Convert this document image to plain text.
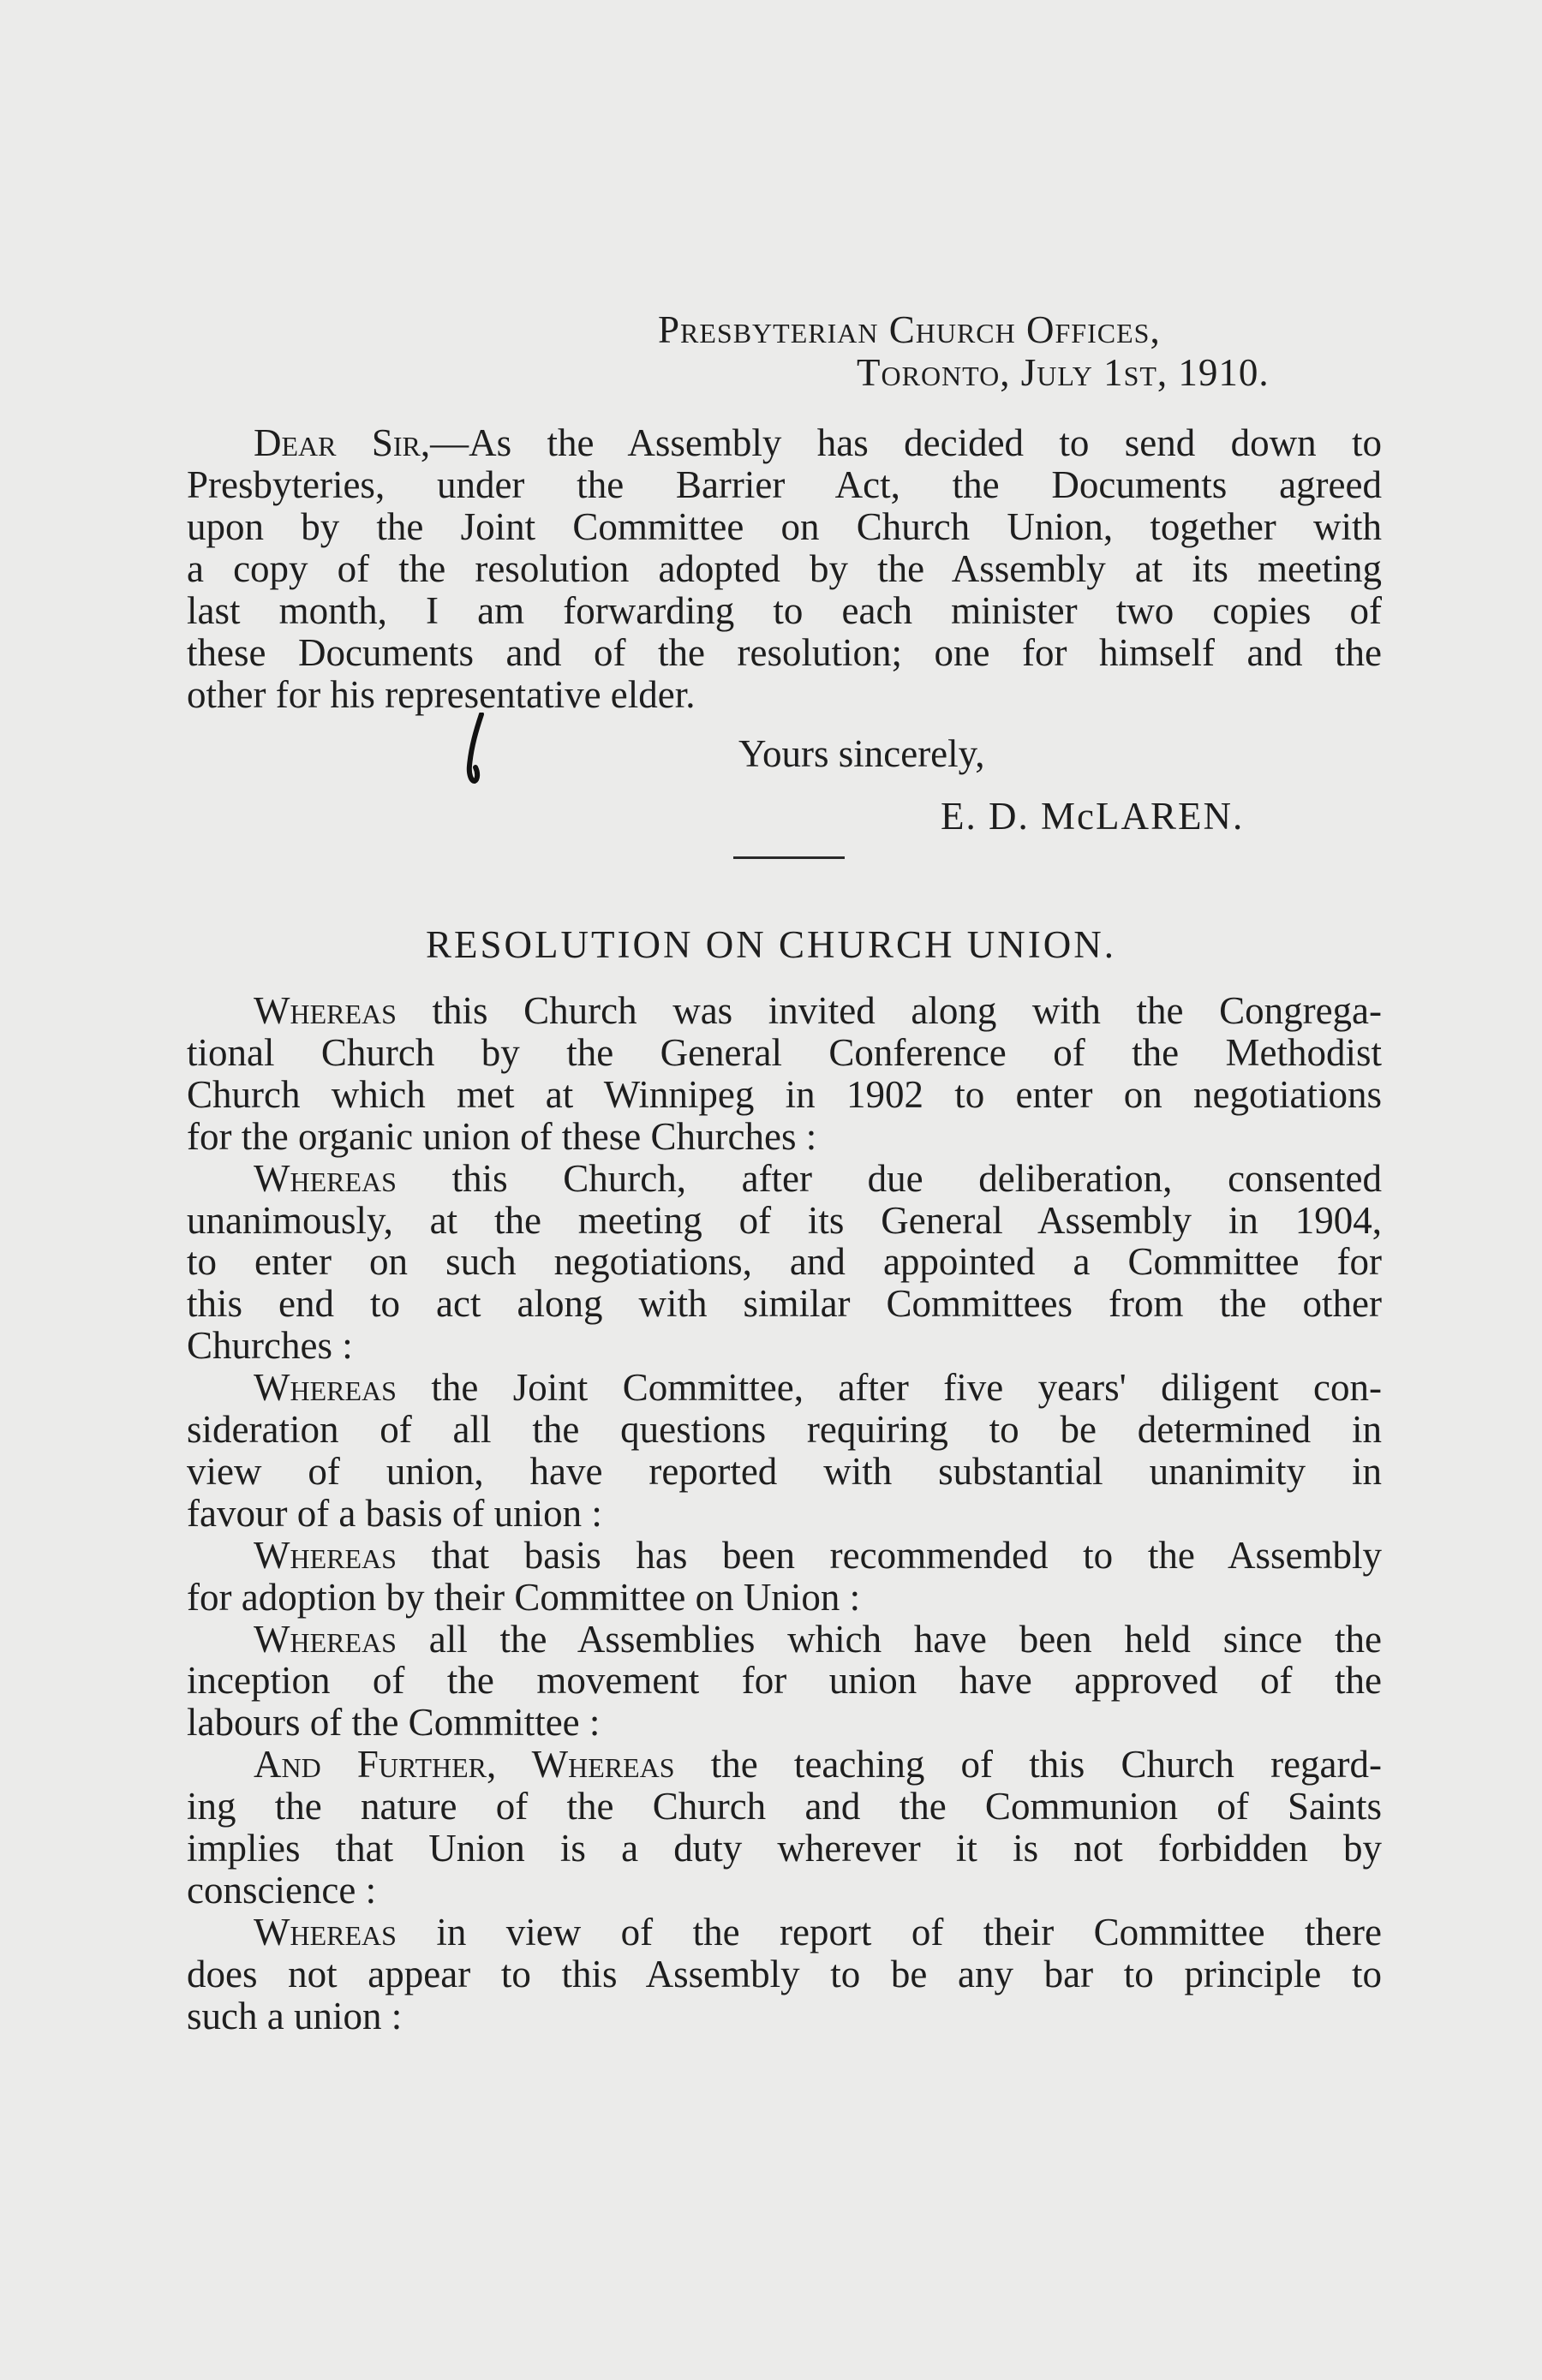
Presbyterian Church Offices,
Toronto, July 1st, 1910.
Dear Sir,—As the Assembly has decided to send down to
Presbyteries, under the Barrier Act, the Documents agreed
upon by the Joint Committee on Church Union, together with
a copy of the resolution adopted by the Assembly at its meeting
last month, I am forwarding to each minister two copies of
these Documents and of the resolution; one for himself and the
other for his representative elder.
Yours sincerely,
E. D. McLAREN.
RESOLUTION ON CHURCH UNION.
Whereas this Church was invited along with the Congrega-
tional Church by the General Conference of the Methodist
Church which met at Winnipeg in 1902 to enter on negotiations
for the organic union of these Churches :
Whereas this Church, after due deliberation, consented
unanimously, at the meeting of its General Assembly in 1904,
to enter on such negotiations, and appointed a Committee for
this end to act along with similar Committees from the other
Churches :
Whereas the Joint Committee, after five years' diligent con-
sideration of all the questions requiring to be determined in
view of union, have reported with substantial unanimity in
favour of a basis of union :
Whereas that basis has been recommended to the Assembly
for adoption by their Committee on Union :
Whereas all the Assemblies which have been held since the
inception of the movement for union have approved of the
labours of the Committee :
And Further, Whereas the teaching of this Church regard-
ing the nature of the Church and the Communion of Saints
implies that Union is a duty wherever it is not forbidden by
conscience :
Whereas in view of the report of their Committee there
does not appear to this Assembly to be any bar to principle to
such a union :
